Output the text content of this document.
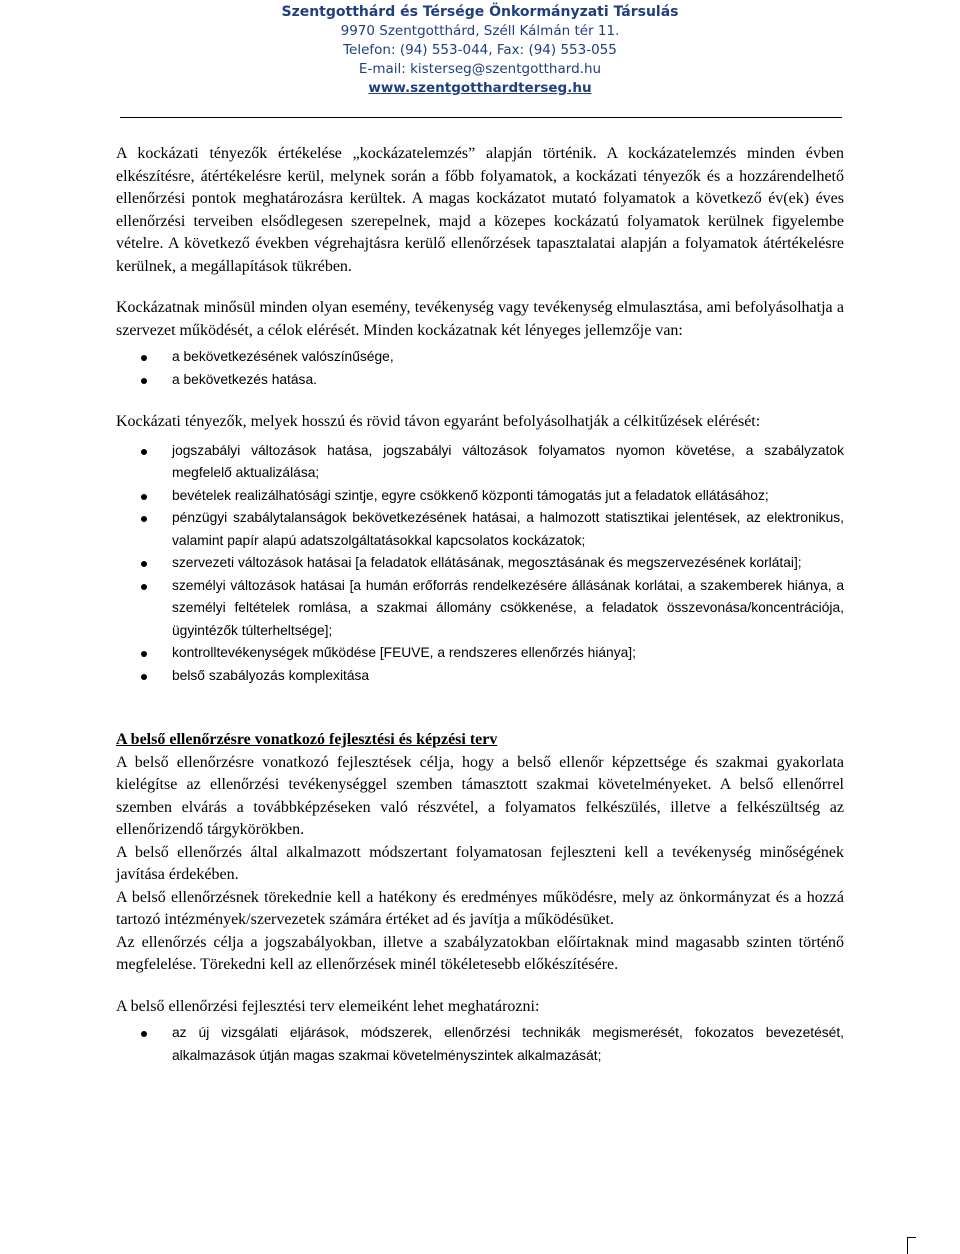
Szentgotthárd és Térsége Önkormányzati Társulás
9970 Szentgotthárd, Széll Kálmán tér 11.
Telefon: (94) 553-044, Fax: (94) 553-055
E-mail: kisterseg@szentgotthard.hu
www.szentgotthardterseg.hu

A kockázati tényezők értékelése „kockázatelemzés” alapján történik. A kockázatelemzés minden évben elkészítésre, átértékelésre kerül, melynek során a főbb folyamatok, a kockázati tényezők és a hozzárendelhető ellenőrzési pontok meghatározásra kerültek. A magas kockázatot mutató folyamatok a következő év(ek) éves ellenőrzési terveiben elsődlegesen szerepelnek, majd a közepes kockázatú folyamatok kerülnek figyelembe vételre. A következő években végrehajtásra kerülő ellenőrzések tapasztalatai alapján a folyamatok átértékelésre kerülnek, a megállapítások tükrében.

Kockázatnak minősül minden olyan esemény, tevékenység vagy tevékenység elmulasztása, ami befolyásolhatja a szervezet működését, a célok elérését. Minden kockázatnak két lényeges jellemzője van:

a bekövetkezésének valószínűsége,
a bekövetkezés hatása.

Kockázati tényezők, melyek hosszú és rövid távon egyaránt befolyásolhatják a célkitűzések elérését:

jogszabályi változások hatása, jogszabályi változások folyamatos nyomon követése, a szabályzatok megfelelő aktualizálása;
bevételek realizálhatósági szintje, egyre csökkenő központi támogatás jut a feladatok ellátásához;
pénzügyi szabálytalanságok bekövetkezésének hatásai, a halmozott statisztikai jelentések, az elektronikus, valamint papír alapú adatszolgáltatásokkal kapcsolatos kockázatok;
szervezeti változások hatásai [a feladatok ellátásának, megosztásának és megszervezésének korlátai];
személyi változások hatásai [a humán erőforrás rendelkezésére állásának korlátai, a szakemberek hiánya, a személyi feltételek romlása, a szakmai állomány csökkenése, a feladatok összevonása/koncentrációja, ügyintézők túlterheltsége];
kontrolltevékenységek működése [FEUVE, a rendszeres ellenőrzés hiánya];
belső szabályozás komplexitása

A belső ellenőrzésre vonatkozó fejlesztési és képzési terv

A belső ellenőrzésre vonatkozó fejlesztések célja, hogy a belső ellenőr képzettsége és szakmai gyakorlata kielégítse az ellenőrzési tevékenységgel szemben támasztott szakmai követelményeket. A belső ellenőrrel szemben elvárás a továbbképzéseken való részvétel, a folyamatos felkészülés, illetve a felkészültség az ellenőrizendő tárgykörökben.

A belső ellenőrzés által alkalmazott módszertant folyamatosan fejleszteni kell a tevékenység minőségének javítása érdekében.

A belső ellenőrzésnek törekednie kell a hatékony és eredményes működésre, mely az önkormányzat és a hozzá tartozó intézmények/szervezetek számára értéket ad és javítja a működésüket.

Az ellenőrzés célja a jogszabályokban, illetve a szabályzatokban előírtaknak mind magasabb szinten történő megfelelése. Törekedni kell az ellenőrzések minél tökéletesebb előkészítésére.

A belső ellenőrzési fejlesztési terv elemeiként lehet meghatározni:

az új vizsgálati eljárások, módszerek, ellenőrzési technikák megismerését, fokozatos bevezetését, alkalmazások útján magas szakmai követelményszintek alkalmazását;
